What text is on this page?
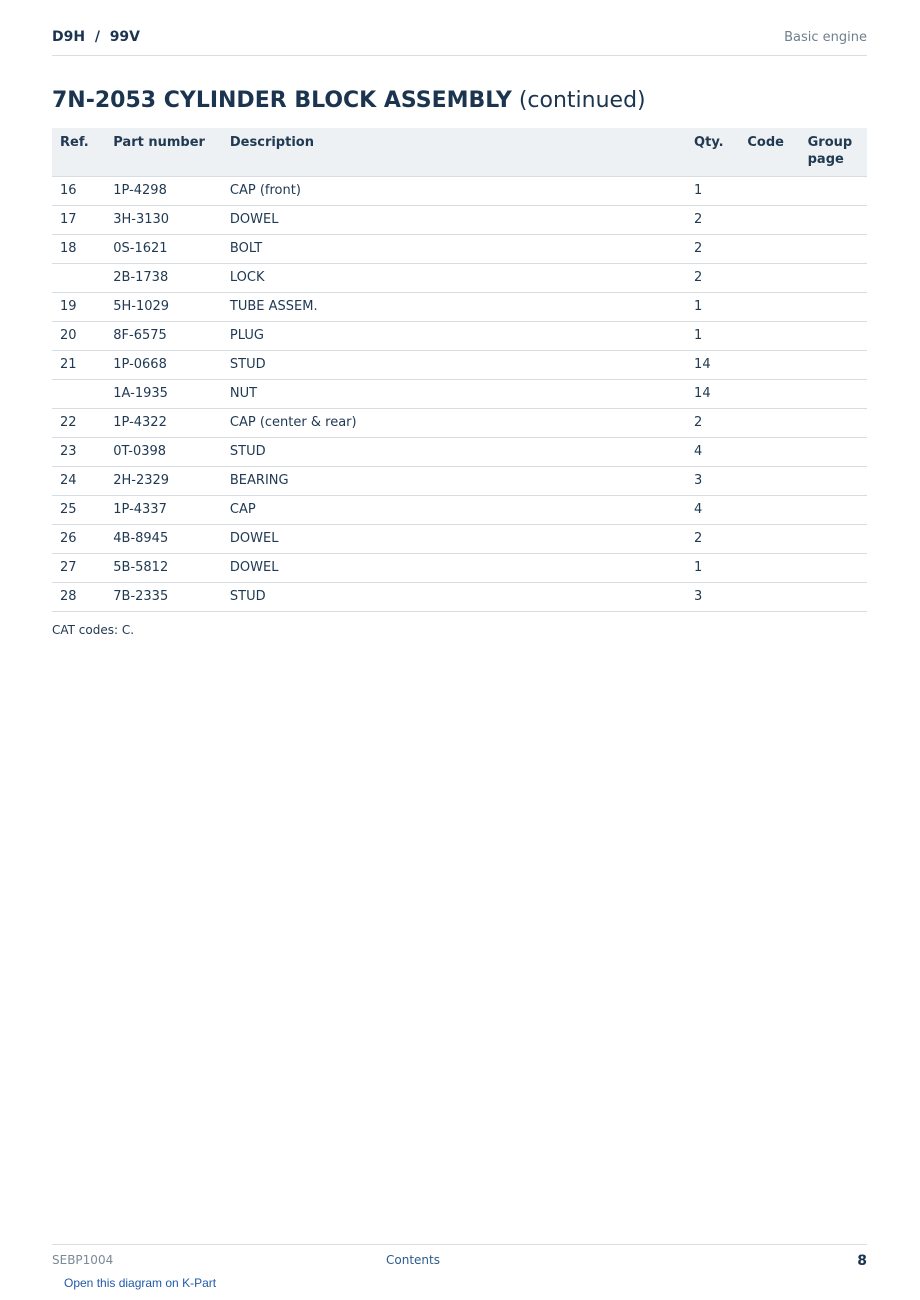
D9H  /  99V	Basic engine
7N-2053 CYLINDER BLOCK ASSEMBLY (continued)
Ref.	Part number	Description	Qty.	Code	Group page
16	1P-4298	CAP (front)	1		
17	3H-3130	DOWEL	2		
18	0S-1621	BOLT	2		
	2B-1738	LOCK	2		
19	5H-1029	TUBE ASSEM.	1		
20	8F-6575	PLUG	1		
21	1P-0668	STUD	14		
	1A-1935	NUT	14		
22	1P-4322	CAP (center & rear)	2		
23	0T-0398	STUD	4		
24	2H-2329	BEARING	3		
25	1P-4337	CAP	4		
26	4B-8945	DOWEL	2		
27	5B-5812	DOWEL	1		
28	7B-2335	STUD	3		
CAT codes: C.
SEBP1004	Contents	8
Open this diagram on K-Part
